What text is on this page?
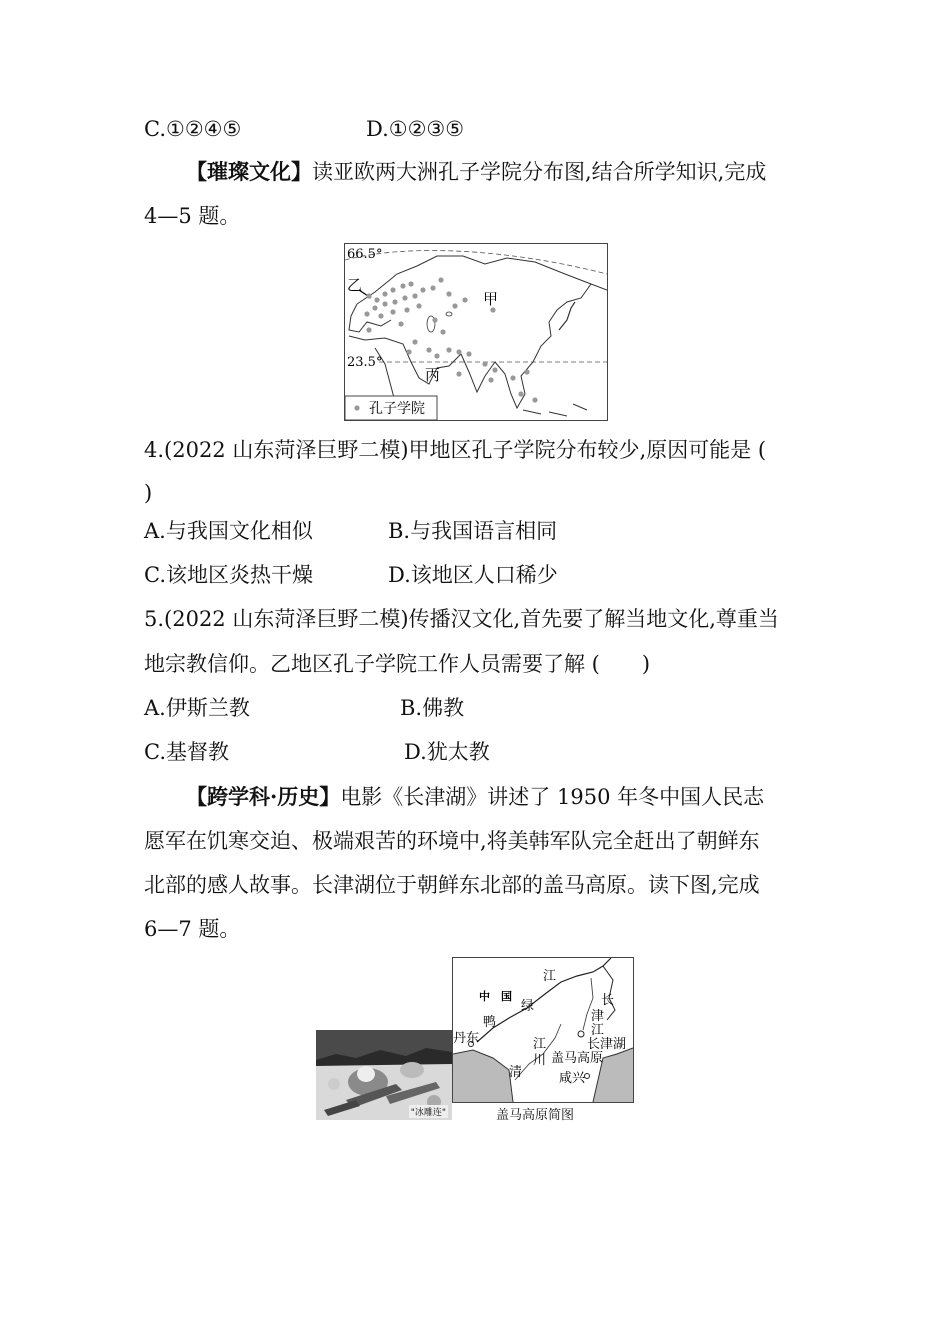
C.①②④⑤	D.①②③⑤
【璀璨文化】读亚欧两大洲孔子学院分布图,结合所学知识,完成
4—5 题。
66.5°
23.5°
乙
甲
丙
孔子学院
4.(2022 山东菏泽巨野二模)甲地区孔子学院分布较少,原因可能是 (
)
A.与我国文化相似	B.与我国语言相同
C.该地区炎热干燥	D.该地区人口稀少
5.(2022 山东菏泽巨野二模)传播汉文化,首先要了解当地文化,尊重当
地宗教信仰。乙地区孔子学院工作人员需要了解 (　　)
A.伊斯兰教	B.佛教
C.基督教	D.犹太教
【跨学科·历史】电影《长津湖》讲述了 1950 年冬中国人民志
愿军在饥寒交迫、极端艰苦的环境中,将美韩军队完全赶出了朝鲜东
北部的感人故事。长津湖位于朝鲜东北部的盖马高原。读下图,完成
6—7 题。
"冰雕连"
中　国
鸭
绿
江
丹东
清
川
江
长
津
江
长津湖
盖马高原
咸兴
盖马高原简图
